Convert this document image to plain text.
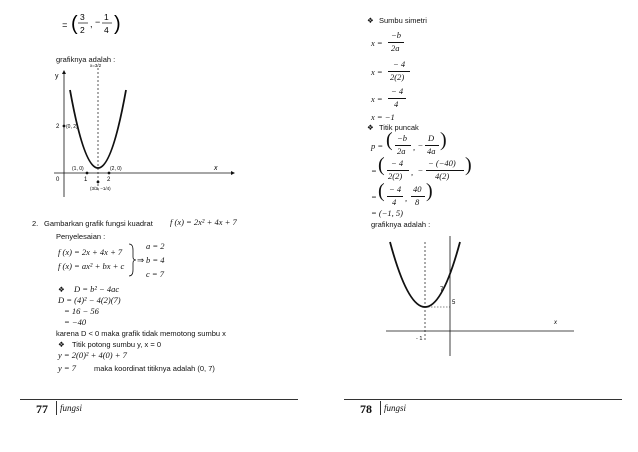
= ( 3
2
, − 1
4 )
grafiknya adalah :
y
x
x=3/2
2 (0, 2)
(1, 0)	(2, 0)
0	1	2
(3/2, −1/4)
2. Gambarkan grafik fungsi kuadrat f (x) = 2x² + 4x + 7
Penyelesaian :
f (x) = 2x + 4x + 7
f (x) = ax² + bx + c
⇒
a = 2
b = 4
c = 7
❖ D = b² − 4ac
D = (4)² − 4(2)(7)
= 16 − 56
= −40
karena D < 0 maka grafik tidak memotong sumbu x
❖ Titik potong sumbu y, x = 0
y = 2(0)² + 4(0) + 7
y = 7 maka koordinat titiknya adalah (0, 7)
77 fungsi
❖ Sumbu simetri
x =
−b
2a
x =
− 4
2(2)
x =
− 4
4
x = −1
❖ Titik puncak
p = ( −b
2a , −
D
4a )
= ( − 4
2(2) , −
− (−40)
4(2) )
= ( − 4
4 ,
40
8 )
= (−1, 5)
grafiknya adalah :
x
7
5
- 1
78 fungsi
